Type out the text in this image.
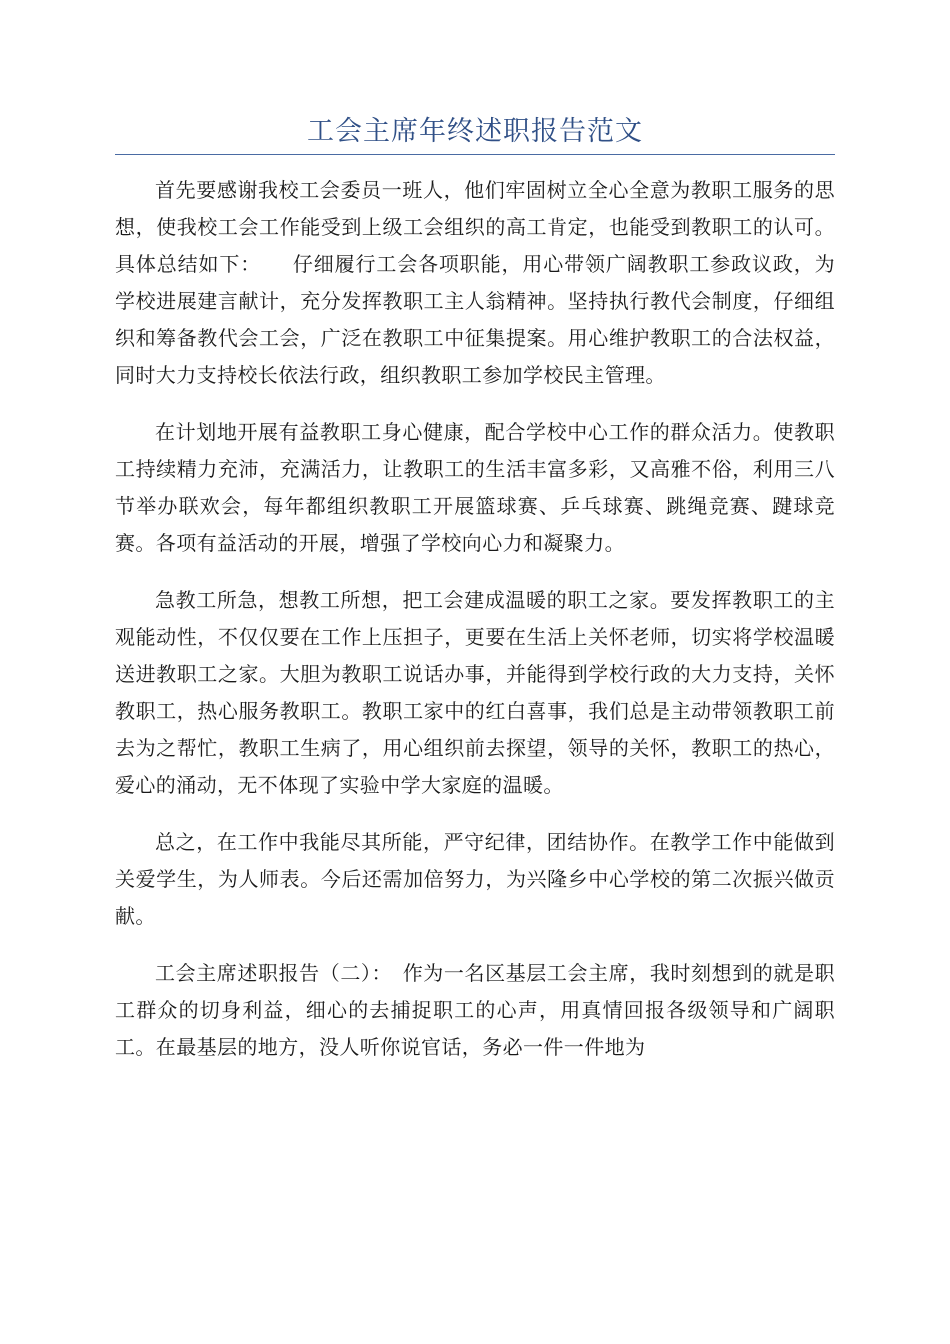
工会主席年终述职报告范文

首先要感谢我校工会委员一班人，他们牢固树立全心全意为教职工服务的思想，使我校工会工作能受到上级工会组织的高工肯定，也能受到教职工的认可。具体总结如下：　　仔细履行工会各项职能，用心带领广阔教职工参政议政，为学校进展建言献计，充分发挥教职工主人翁精神。坚持执行教代会制度，仔细组织和筹备教代会工会，广泛在教职工中征集提案。用心维护教职工的合法权益，同时大力支持校长依法行政，组织教职工参加学校民主管理。

在计划地开展有益教职工身心健康，配合学校中心工作的群众活力。使教职工持续精力充沛，充满活力，让教职工的生活丰富多彩，又高雅不俗，利用三八节举办联欢会，每年都组织教职工开展篮球赛、乒乓球赛、跳绳竞赛、踺球竞赛。各项有益活动的开展，增强了学校向心力和凝聚力。

急教工所急，想教工所想，把工会建成温暖的职工之家。要发挥教职工的主观能动性，不仅仅要在工作上压担子，更要在生活上关怀老师，切实将学校温暖送进教职工之家。大胆为教职工说话办事，并能得到学校行政的大力支持，关怀教职工，热心服务教职工。教职工家中的红白喜事，我们总是主动带领教职工前去为之帮忙，教职工生病了，用心组织前去探望，领导的关怀，教职工的热心，爱心的涌动，无不体现了实验中学大家庭的温暖。

总之，在工作中我能尽其所能，严守纪律，团结协作。在教学工作中能做到关爱学生，为人师表。今后还需加倍努力，为兴隆乡中心学校的第二次振兴做贡献。

工会主席述职报告（二）：　作为一名区基层工会主席，我时刻想到的就是职工群众的切身利益，细心的去捕捉职工的心声，用真情回报各级领导和广阔职工。在最基层的地方，没人听你说官话，务必一件一件地为
